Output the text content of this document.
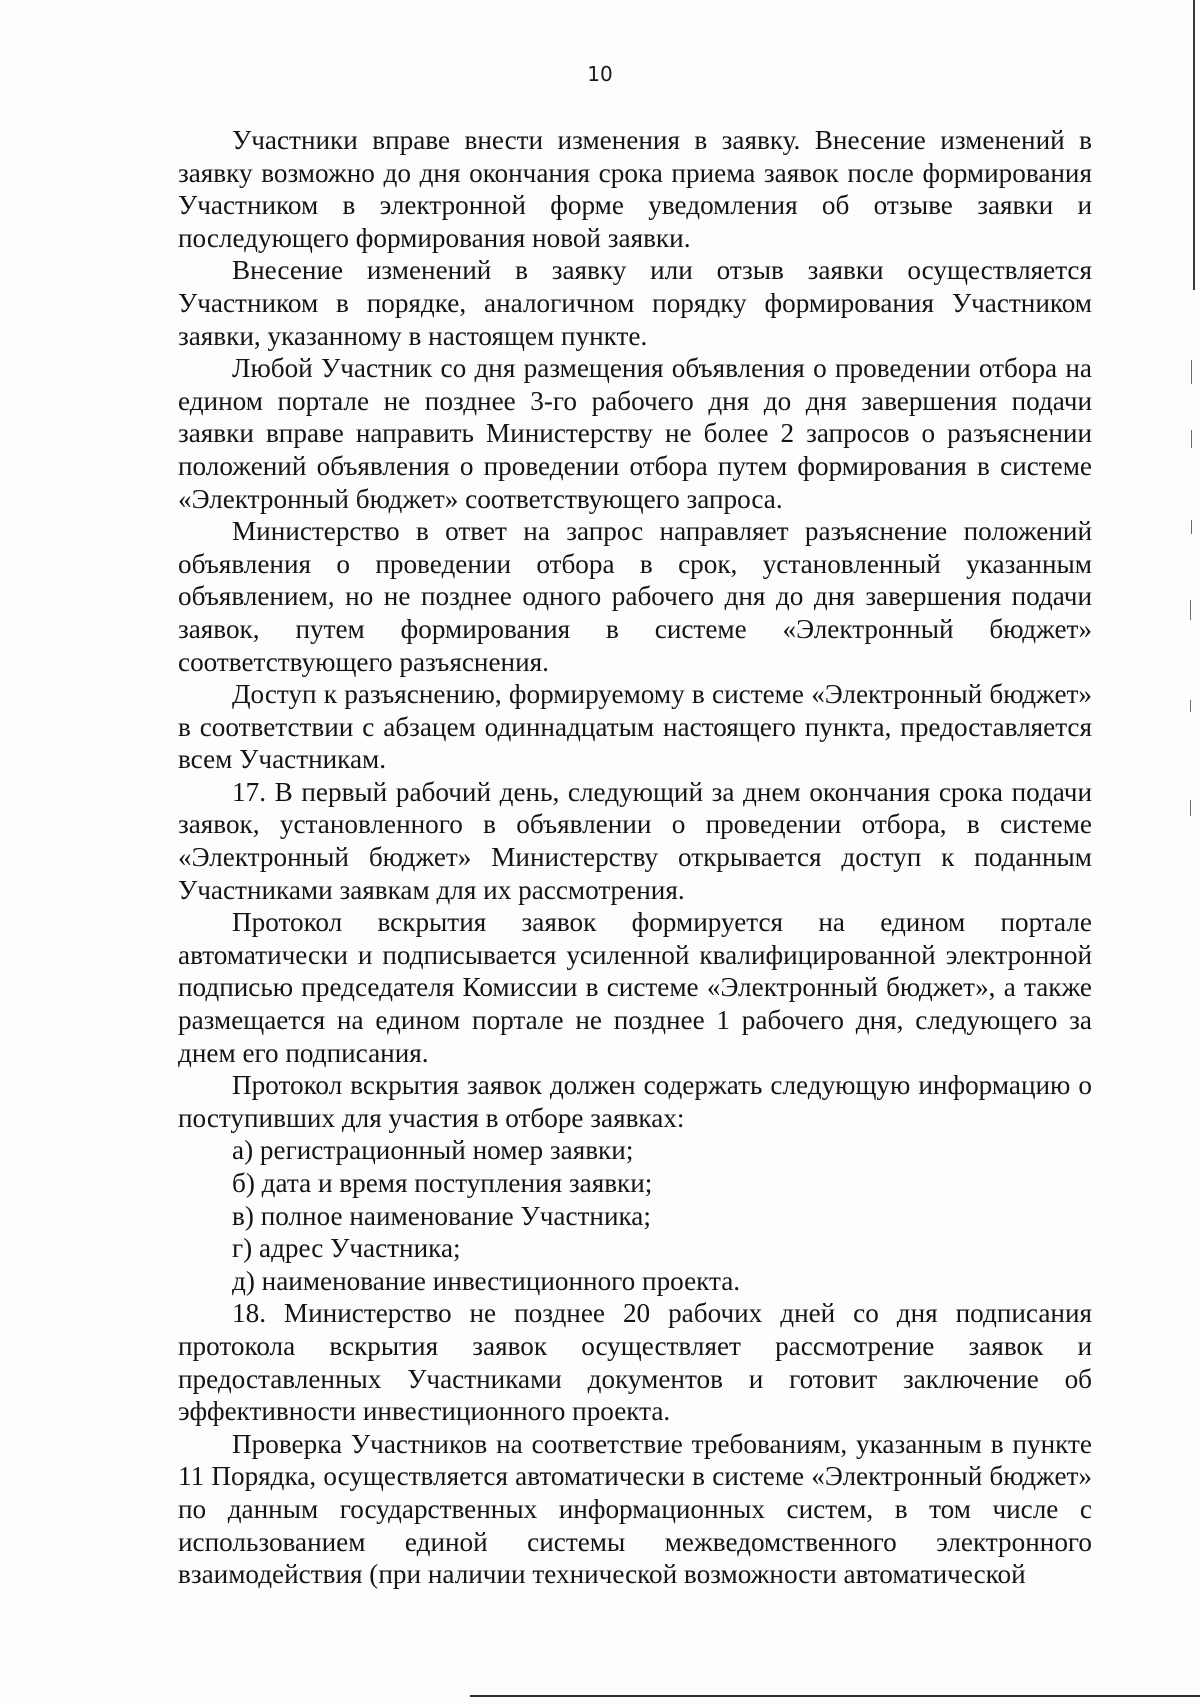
10

Участники вправе внести изменения в заявку. Внесение изменений в заявку возможно до дня окончания срока приема заявок после формирования Участником в электронной форме уведомления об отзыве заявки и последующего формирования новой заявки.

Внесение изменений в заявку или отзыв заявки осуществляется Участником в порядке, аналогичном порядку формирования Участником заявки, указанному в настоящем пункте.

Любой Участник со дня размещения объявления о проведении отбора на едином портале не позднее 3-го рабочего дня до дня завершения подачи заявки вправе направить Министерству не более 2 запросов о разъяснении положений объявления о проведении отбора путем формирования в системе «Электронный бюджет» соответствующего запроса.

Министерство в ответ на запрос направляет разъяснение положений объявления о проведении отбора в срок, установленный указанным объявлением, но не позднее одного рабочего дня до дня завершения подачи заявок, путем формирования в системе «Электронный бюджет» соответствующего разъяснения.

Доступ к разъяснению, формируемому в системе «Электронный бюджет» в соответствии с абзацем одиннадцатым настоящего пункта, предоставляется всем Участникам.

17. В первый рабочий день, следующий за днем окончания срока подачи заявок, установленного в объявлении о проведении отбора, в системе «Электронный бюджет» Министерству открывается доступ к поданным Участниками заявкам для их рассмотрения.

Протокол вскрытия заявок формируется на едином портале автоматически и подписывается усиленной квалифицированной электронной подписью председателя Комиссии в системе «Электронный бюджет», а также размещается на едином портале не позднее 1 рабочего дня, следующего за днем его подписания.

Протокол вскрытия заявок должен содержать следующую информацию о поступивших для участия в отборе заявках:

а) регистрационный номер заявки;

б) дата и время поступления заявки;

в) полное наименование Участника;

г) адрес Участника;

д) наименование инвестиционного проекта.

18. Министерство не позднее 20 рабочих дней со дня подписания протокола вскрытия заявок осуществляет рассмотрение заявок и предоставленных Участниками документов и готовит заключение об эффективности инвестиционного проекта.

Проверка Участников на соответствие требованиям, указанным в пункте 11 Порядка, осуществляется автоматически в системе «Электронный бюджет» по данным государственных информационных систем, в том числе с использованием единой системы межведомственного электронного взаимодействия (при наличии технической возможности автоматической
